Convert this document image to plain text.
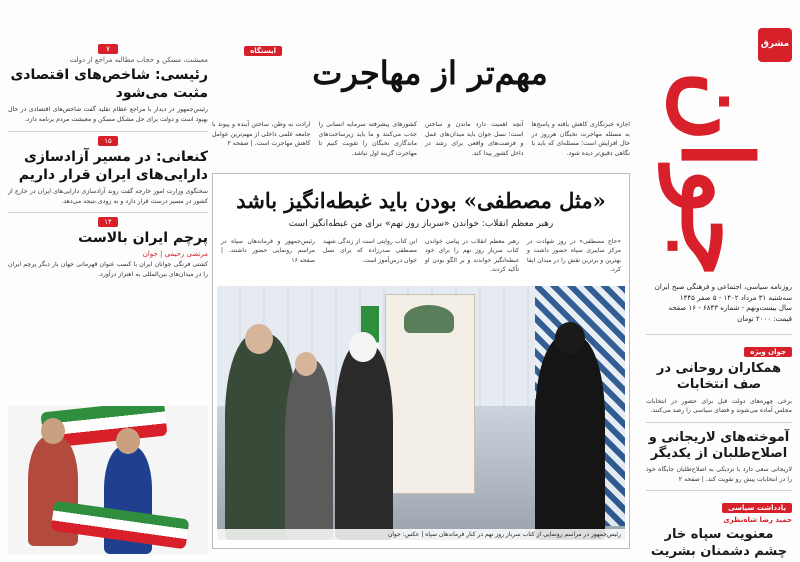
مشرق
جوان
روزنامه سیاسی، اجتماعی و فرهنگی صبح ایران
سه‌شنبه ۳۱ مرداد ۱۴۰۲ - ۵ صفر ۱۴۴۵
سال بیست‌ونهم - شماره ۶۸۴۳ - ۱۶ صفحه
قیمت: ۲۰۰۰ تومان
جوان ویژه
همکاران روحانی در صف انتخابات
برخی چهره‌های دولت قبل برای حضور در انتخابات مجلس آماده می‌شوند و فضای سیاسی را رصد می‌کنند.
آموخته‌های لاریجانی و اصلاح‌طلبان از یکدیگر
لاریجانی سعی دارد با نزدیکی به اصلاح‌طلبان جایگاه خود را در انتخابات پیش رو تقویت کند. | صفحه ۲
یادداشت سیاسی
حمید رضا شاه‌نظری
معنویت سپاه خار چشم دشمنان بشریت
ایستگاه
مهم‌تر از مهاجرت
اجازه خبرنگاری کاهش یافته و پاسخ‌ها به مسئله مهاجرت نخبگان هرروز در حال افزایش است؛ مسئله‌ای که باید با نگاهی دقیق‌تر دیده شود.
آنچه اهمیت دارد ماندن و ساختن است؛ نسل جوان باید میدان‌های عمل و فرصت‌های واقعی برای رشد در داخل کشور پیدا کند.
کشورهای پیشرفته سرمایه انسانی را جذب می‌کنند و ما باید زیرساخت‌های ماندگاری نخبگان را تقویت کنیم تا مهاجرت گزینه اول نباشد.
ارادت به وطن، ساختن آینده و پیوند با جامعه علمی داخلی از مهم‌ترین عوامل کاهش مهاجرت است. | صفحه ۲
«مثل مصطفی» بودن باید غبطه‌انگیز باشد
رهبر معظم انقلاب: خواندن «سرباز روز نهم» برای من غبطه‌انگیز است
«حاج مصطفی» در روز شهادت در مرکز سایبری سپاه حضور داشت و بهترین و برترین نقش را در میدان ایفا کرد.
رهبر معظم انقلاب در پیامی خواندن کتاب سرباز روز نهم را برای خود غبطه‌انگیز خواندند و بر الگو بودن او تأکید کردند.
این کتاب روایتی است از زندگی شهید مصطفی صدرزاده که برای نسل جوان درس‌آموز است.
رئیس‌جمهور و فرماندهان سپاه در مراسم رونمایی حضور داشتند. | صفحه ۱۶
رئیس‌جمهور در مراسم رونمایی از کتاب سرباز روز نهم در کنار فرماندهان سپاه | عکس: جوان
۷
معیشت، مسکن و حجاب مطالبه مراجع از دولت
رئیسی: شاخص‌های اقتصادی مثبت می‌شود
رئیس‌جمهور در دیدار با مراجع عظام تقلید گفت شاخص‌های اقتصادی در حال بهبود است و دولت برای حل مشکل مسکن و معیشت مردم برنامه دارد.
۱۵
کنعانی: در مسیر آزادسازی دارایی‌های ایران قرار داریم
سخنگوی وزارت امور خارجه گفت روند آزادسازی دارایی‌های ایران در خارج از کشور در مسیر درست قرار دارد و به زودی نتیجه می‌دهد.
۱۴
پرچم ایران بالاست
مرتضی رحیمی | جوان
کشتی فرنگی جوانان ایران با کسب عنوان قهرمانی جهان بار دیگر پرچم ایران را در میدان‌های بین‌المللی به اهتزاز درآورد.
